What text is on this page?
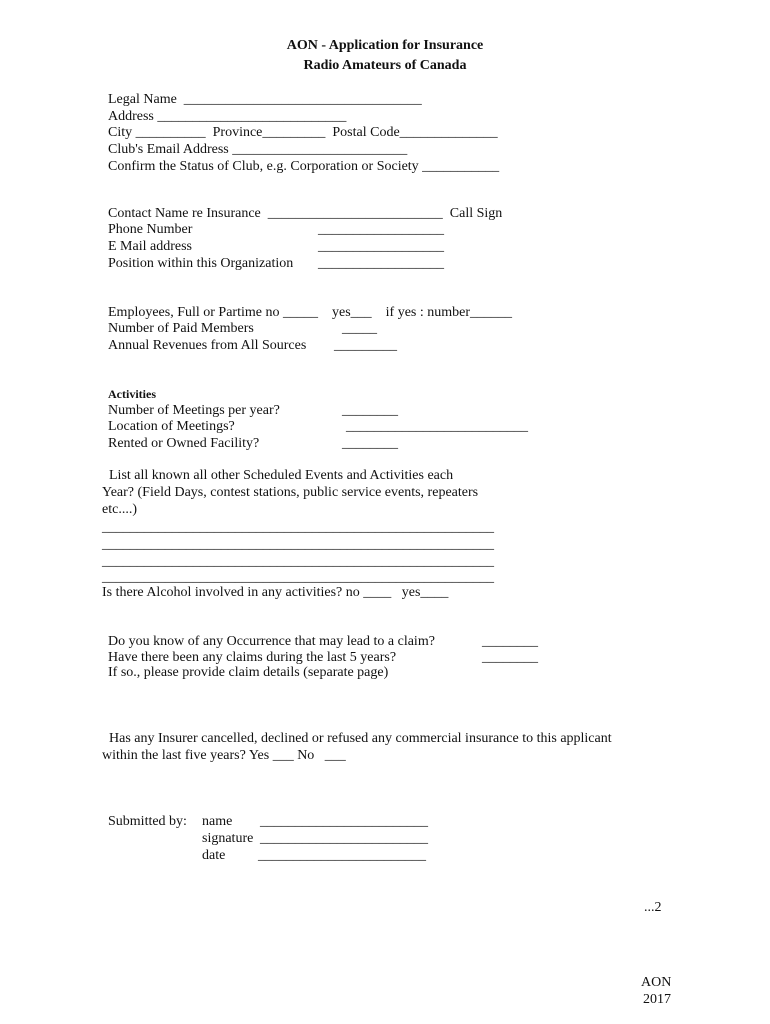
AON - Application for Insurance
Radio Amateurs of Canada
Legal Name  __________________________________
Address ___________________________
City __________  Province_________  Postal Code______________
Club's Email Address _________________________
Confirm the Status of Club, e.g. Corporation or Society ___________
Contact Name re Insurance  _________________________  Call Sign
Phone Number	__________________
E Mail address	__________________
Position within this Organization __________________
Employees, Full or Partime no _____    yes___    if yes : number______
Number of Paid Members	_____
Annual Revenues from All Sources _________
Activities
Number of Meetings per year?	________
Location of Meetings?	__________________________
Rented or Owned Facility?	________
List all known all other Scheduled Events and Activities each
Year? (Field Days, contest stations, public service events, repeaters
etc....)
________________________________________________________
________________________________________________________
________________________________________________________
________________________________________________________
Is there Alcohol involved in any activities? no ____   yes____
Do you know of any Occurrence that may lead to a claim?	________
Have there been any claims during the last 5 years?	________
If so., please provide claim details (separate page)
Has any Insurer cancelled, declined or refused any commercial insurance to this applicant
within the last five years? Yes ___ No   ___
Submitted by: name ________________________
signature ________________________
date ________________________
...2
AON
2017
